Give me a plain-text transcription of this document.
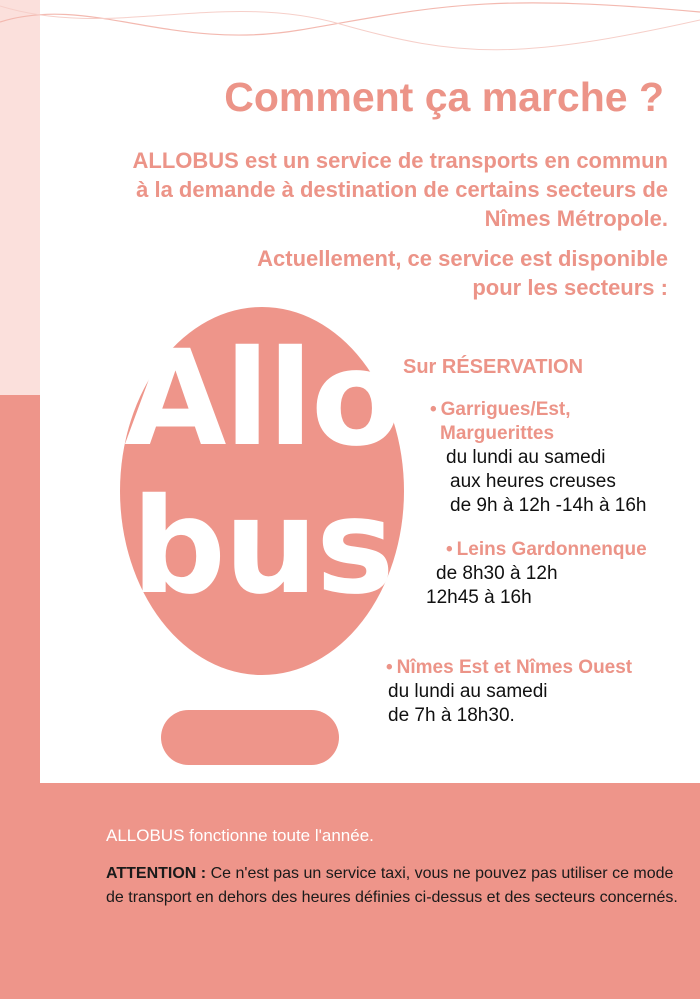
Comment ça marche ?

ALLOBUS est un service de transports en commun
à la demande à destination de certains secteurs de
Nîmes Métropole.

Actuellement, ce service est disponible
pour les secteurs :

Allo
bus
Sur RÉSERVATION
• Garrigues/Est,
Marguerittes
du lundi au samedi
aux heures creuses
de 9h à 12h -14h à 16h
• Leins Gardonnenque
de 8h30 à 12h
12h45 à 16h
• Nîmes Est et Nîmes Ouest
du lundi au samedi
de 7h à 18h30.

ALLOBUS fonctionne toute l'année.

ATTENTION : Ce n'est pas un service taxi, vous ne pouvez pas utiliser ce mode de transport en dehors des heures définies ci-dessus et des secteurs concernés.
